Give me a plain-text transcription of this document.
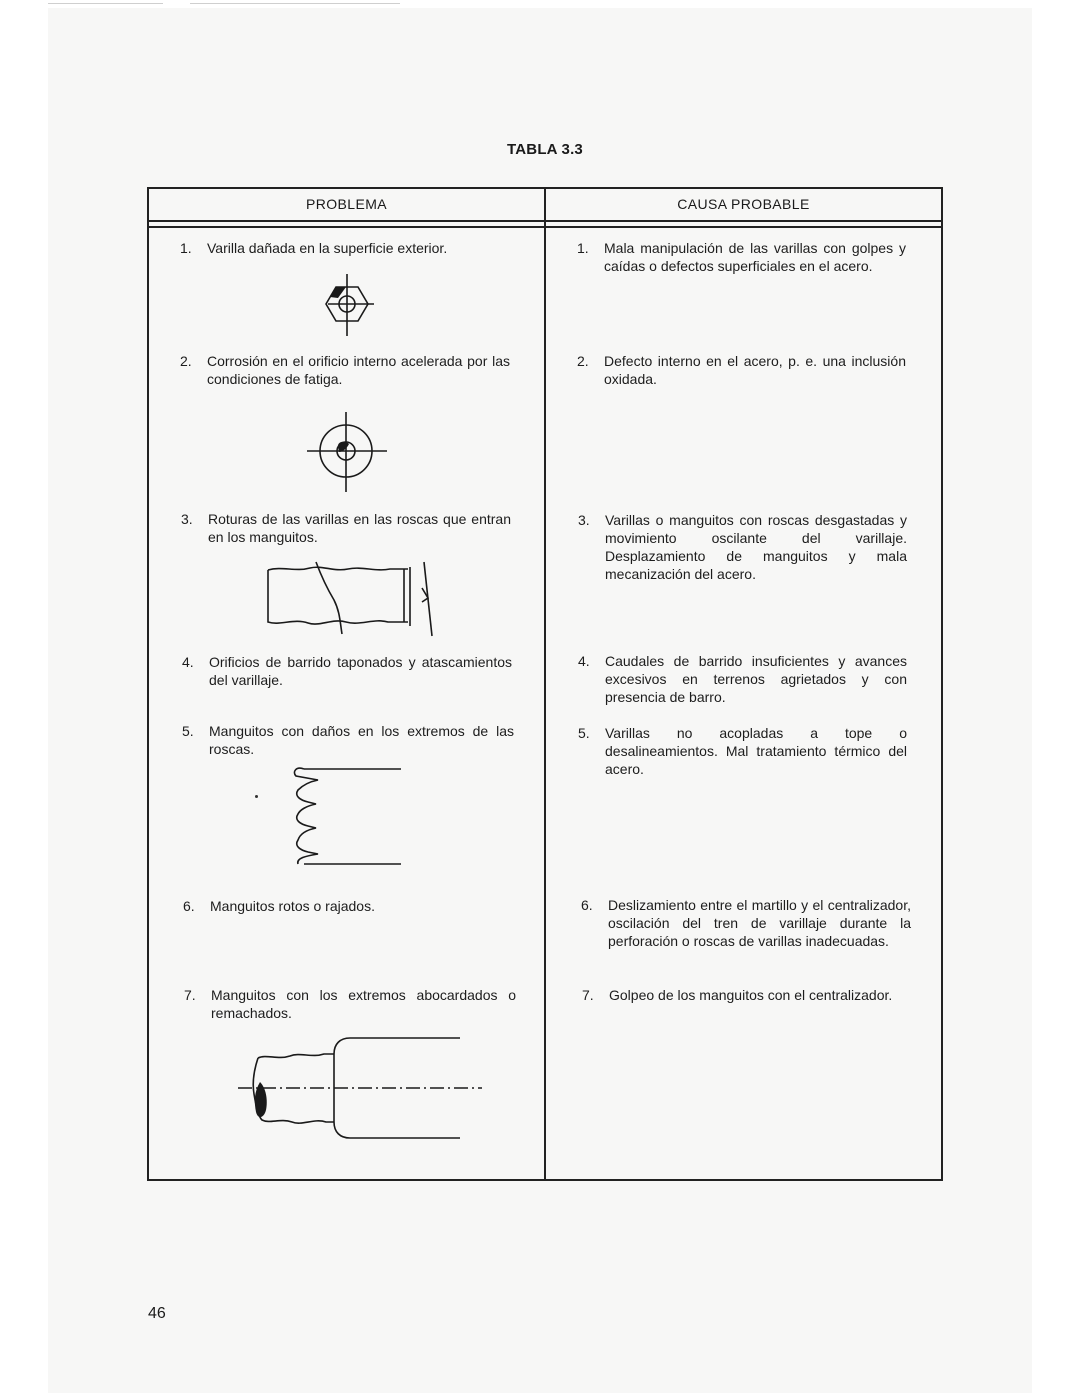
TABLA 3.3
PROBLEMA	CAUSA PROBABLE
1. Varilla dañada en la superficie exterior.
2. Corrosión en el orificio interno acelerada por las condiciones de fatiga.
3. Roturas de las varillas en las roscas que entran en los manguitos.
4. Orificios de barrido taponados y atascamientos del varillaje.
5. Manguitos con daños en los extremos de las roscas.
6. Manguitos rotos o rajados.
7. Manguitos con los extremos abocardados o remachados.
1. Mala manipulación de las varillas con golpes y caídas o defectos superficiales en el acero.
2. Defecto interno en el acero, p. e. una inclusión oxidada.
3. Varillas o manguitos con roscas desgastadas y movimiento oscilante del varillaje. Desplazamiento de manguitos y mala mecanización del acero.
4. Caudales de barrido insuficientes y avances excesivos en terrenos agrietados y con presencia de barro.
5. Varillas no acopladas a tope o desalineamientos. Mal tratamiento térmico del acero.
6. Deslizamiento entre el martillo y el centralizador, oscilación del tren de varillaje durante la perforación o roscas de varillas inadecuadas.
7. Golpeo de los manguitos con el centralizador.
46
